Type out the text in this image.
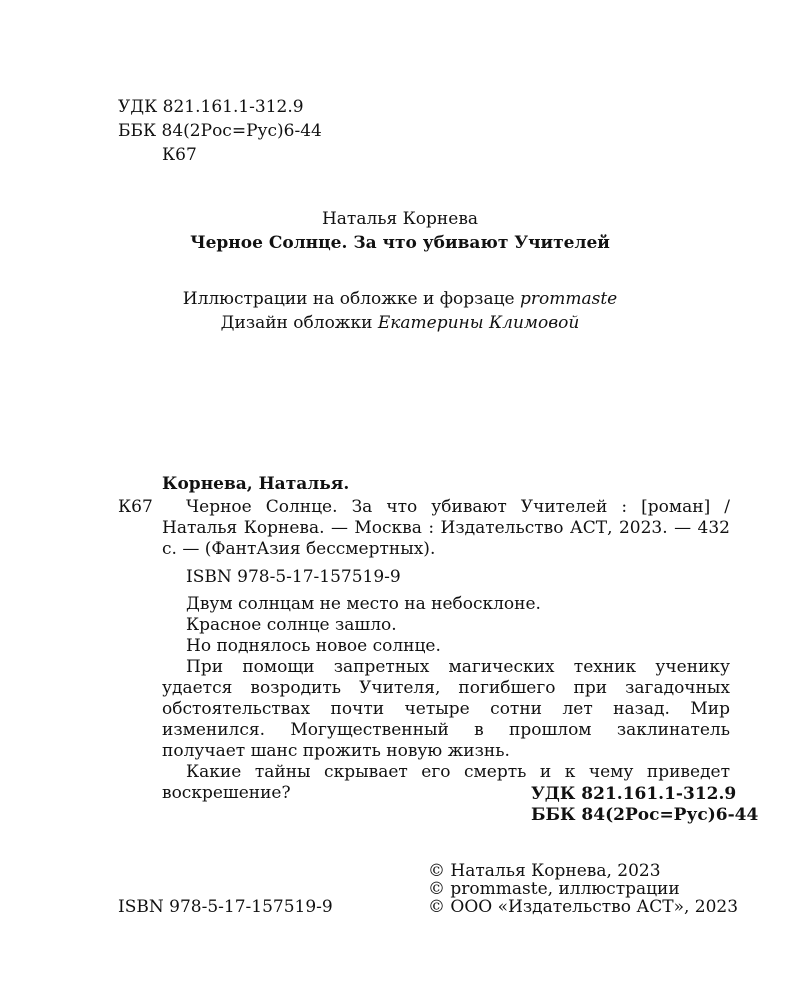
УДК 821.161.1-312.9
ББК 84(2Рос=Рус)6-44
К67
Наталья Корнева
Черное Солнце. За что убивают Учителей
Иллюстрации на обложке и форзаце prommaste
Дизайн обложки Екатерины Климовой
Корнева, Наталья.
К67	Черное Солнце. За что убивают Учителей : [роман] / Наталья Корнева. — Москва : Издательство АСТ, 2023. — 432 с. — (ФантАзия бессмертных).
ISBN 978-5-17-157519-9

Двум солнцам не место на небосклоне.

Красное солнце зашло.

Но поднялось новое солнце.

При помощи запретных магических техник ученику удается возродить Учителя, погибшего при загадочных обстоятельствах почти четыре сотни лет назад. Мир изменился. Могущественный в прошлом заклинатель получает шанс прожить новую жизнь.

Какие тайны скрывает его смерть и к чему приведет воскрешение?	УДК 821.161.1-312.9
ББК 84(2Рос=Рус)6-44
ISBN 978-5-17-157519-9
© Наталья Корнева, 2023
© prommaste, иллюстрации
© ООО «Издательство АСТ», 2023
